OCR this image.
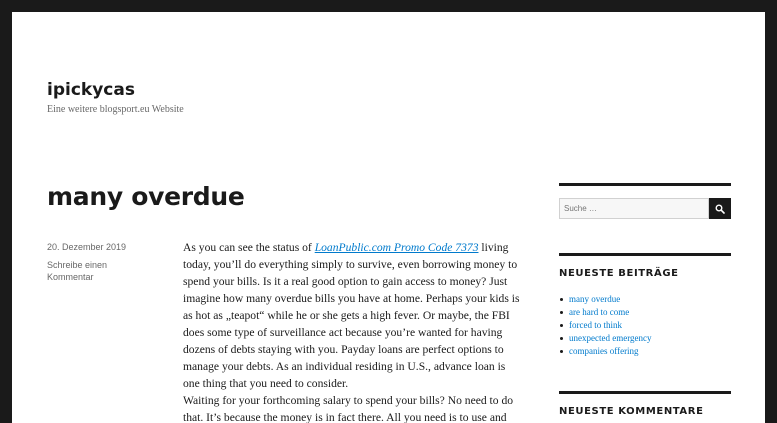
ipickycas
Eine weitere blogsport.eu Website
many overdue
20. Dezember 2019
Schreibe einen Kommentar

As you can see the status of LoanPublic.com Promo Code 7373 living today, you’ll do everything simply to survive, even borrowing money to spend your bills. Is it a real good option to gain access to money? Just imagine how many overdue bills you have at home. Perhaps your kids is as hot as „teapot“ while he or she gets a high fever. Or maybe, the FBI does some type of surveillance act because you’re wanted for having dozens of debts staying with you. Payday loans are perfect options to manage your debts. As an individual residing in U.S., advance loan is one thing that you need to consider.

Waiting for your forthcoming salary to spend your bills? No need to do that. It’s because the money is in fact there. All you need is to use and

Suche …
NEUESTE BEITRÄGE
many overdue
are hard to come
forced to think
unexpected emergency
companies offering
NEUESTE KOMMENTARE
